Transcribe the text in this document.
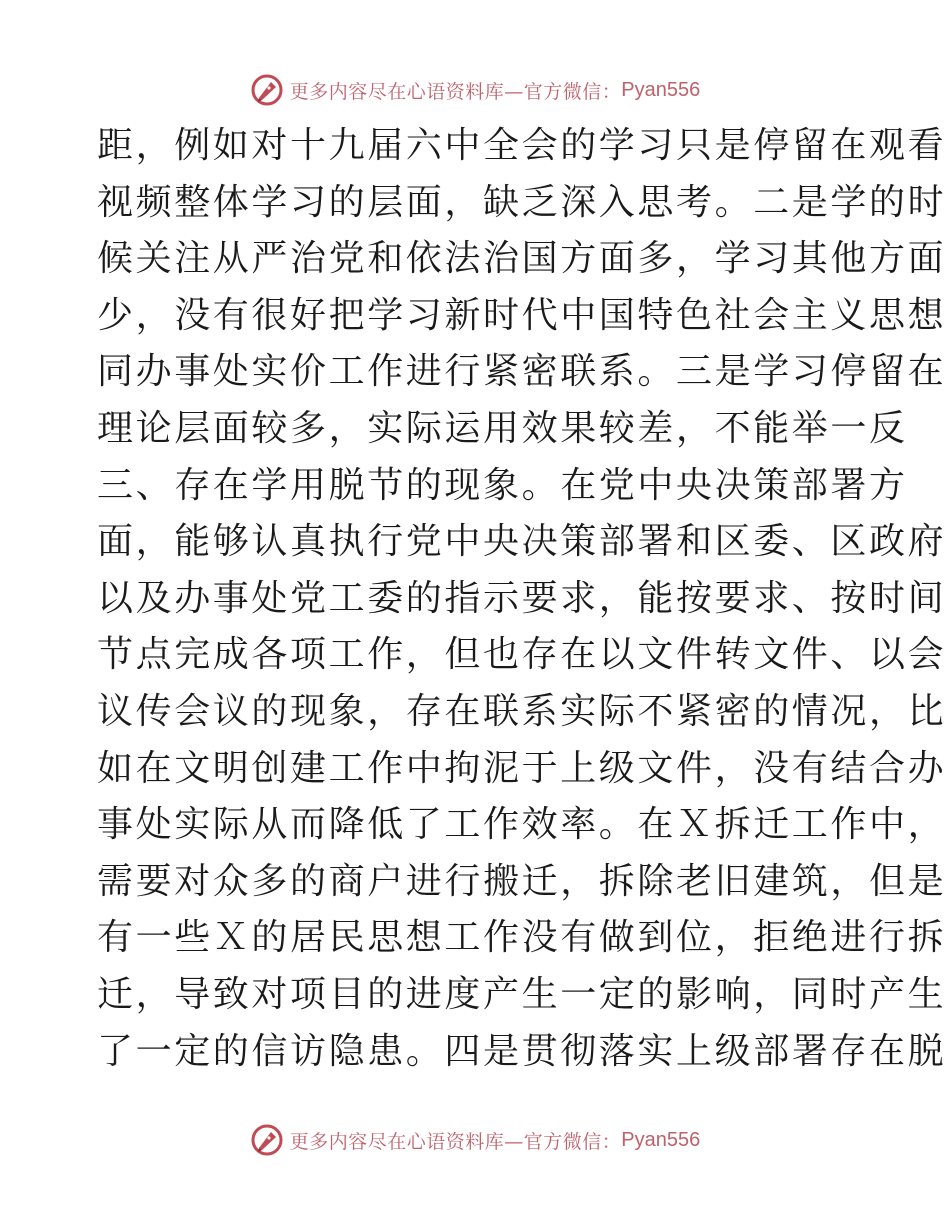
更多内容尽在心语资料库—官方微信： Pyan556
距，例如对十九届六中全会的学习只是停留在观看
视频整体学习的层面，缺乏深入思考。二是学的时
候关注从严治党和依法治国方面多，学习其他方面
少，没有很好把学习新时代中国特色社会主义思想
同办事处实价工作进行紧密联系。三是学习停留在
理论层面较多，实际运用效果较差，不能举一反
三、存在学用脱节的现象。在党中央决策部署方
面，能够认真执行党中央决策部署和区委、区政府
以及办事处党工委的指示要求，能按要求、按时间
节点完成各项工作，但也存在以文件转文件、以会
议传会议的现象，存在联系实际不紧密的情况，比
如在文明创建工作中拘泥于上级文件，没有结合办
事处实际从而降低了工作效率。在Ｘ拆迁工作中，
需要对众多的商户进行搬迁，拆除老旧建筑，但是
有一些Ｘ的居民思想工作没有做到位，拒绝进行拆
迁，导致对项目的进度产生一定的影响，同时产生
了一定的信访隐患。四是贯彻落实上级部署存在脱
更多内容尽在心语资料库—官方微信： Pyan556
